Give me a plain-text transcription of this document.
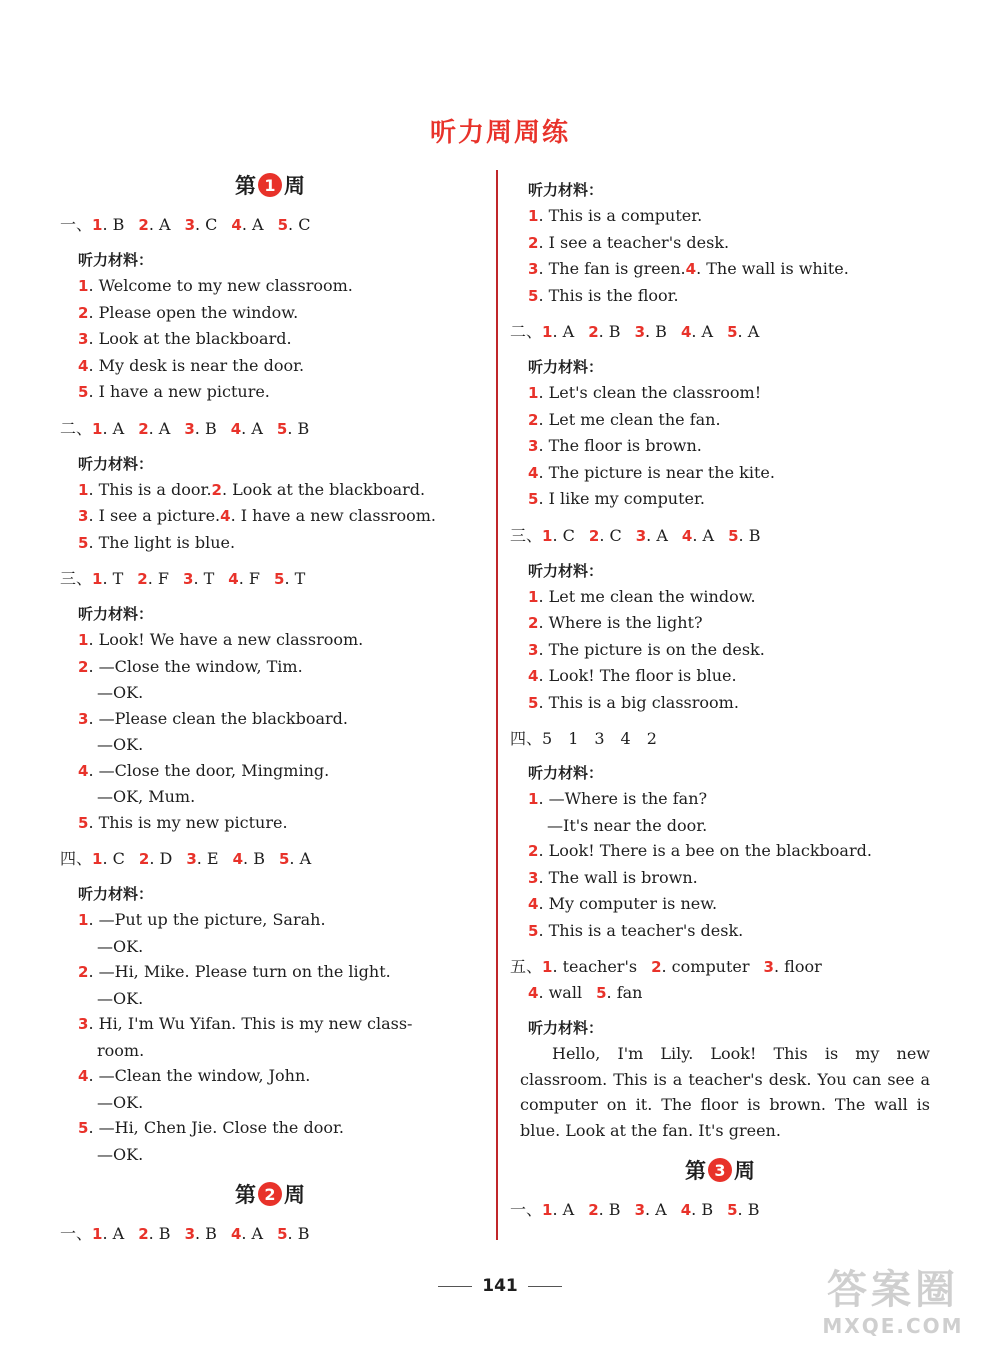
听力周周练
第 1 周
一、1. B 2. A 3. C 4. A 5. C
听力材料：
1. Welcome to my new classroom.
2. Please open the window.
3. Look at the blackboard.
4. My desk is near the door.
5. I have a new picture.
二、1. A 2. A 3. B 4. A 5. B
听力材料：
1. This is a door.2. Look at the blackboard.
3. I see a picture.4. I have a new classroom.
5. The light is blue.
三、1. T 2. F 3. T 4. F 5. T
听力材料：
1. Look! We have a new classroom.
2. —Close the window, Tim.
—OK.
3. —Please clean the blackboard.
—OK.
4. —Close the door, Mingming.
—OK, Mum.
5. This is my new picture.
四、1. C 2. D 3. E 4. B 5. A
听力材料：
1. —Put up the picture, Sarah.
—OK.
2. —Hi, Mike. Please turn on the light.
—OK.
3. Hi, I'm Wu Yifan. This is my new class-
room.
4. —Clean the window, John.
—OK.
5. —Hi, Chen Jie. Close the door.
—OK.
第 2 周
一、1. A 2. B 3. B 4. A 5. B
听力材料：
1. This is a computer.
2. I see a teacher's desk.
3. The fan is green.4. The wall is white.
5. This is the floor.
二、1. A 2. B 3. B 4. A 5. A
听力材料：
1. Let's clean the classroom!
2. Let me clean the fan.
3. The floor is brown.
4. The picture is near the kite.
5. I like my computer.
三、1. C 2. C 3. A 4. A 5. B
听力材料：
1. Let me clean the window.
2. Where is the light?
3. The picture is on the desk.
4. Look! The floor is blue.
5. This is a big classroom.
四、5　1　3　4　2
听力材料：
1. —Where is the fan?
—It's near the door.
2. Look! There is a bee on the blackboard.
3. The wall is brown.
4. My computer is new.
5. This is a teacher's desk.
五、1. teacher's 2. computer 3. floor
4. wall 5. fan
听力材料：
Hello, I'm Lily. Look! This is my new classroom. This is a teacher's desk. You can see a computer on it. The floor is brown. The wall is blue. Look at the fan. It's green.
第 3 周
一、1. A 2. B 3. A 4. B 5. B
141	答案圈
MXQE.COM
